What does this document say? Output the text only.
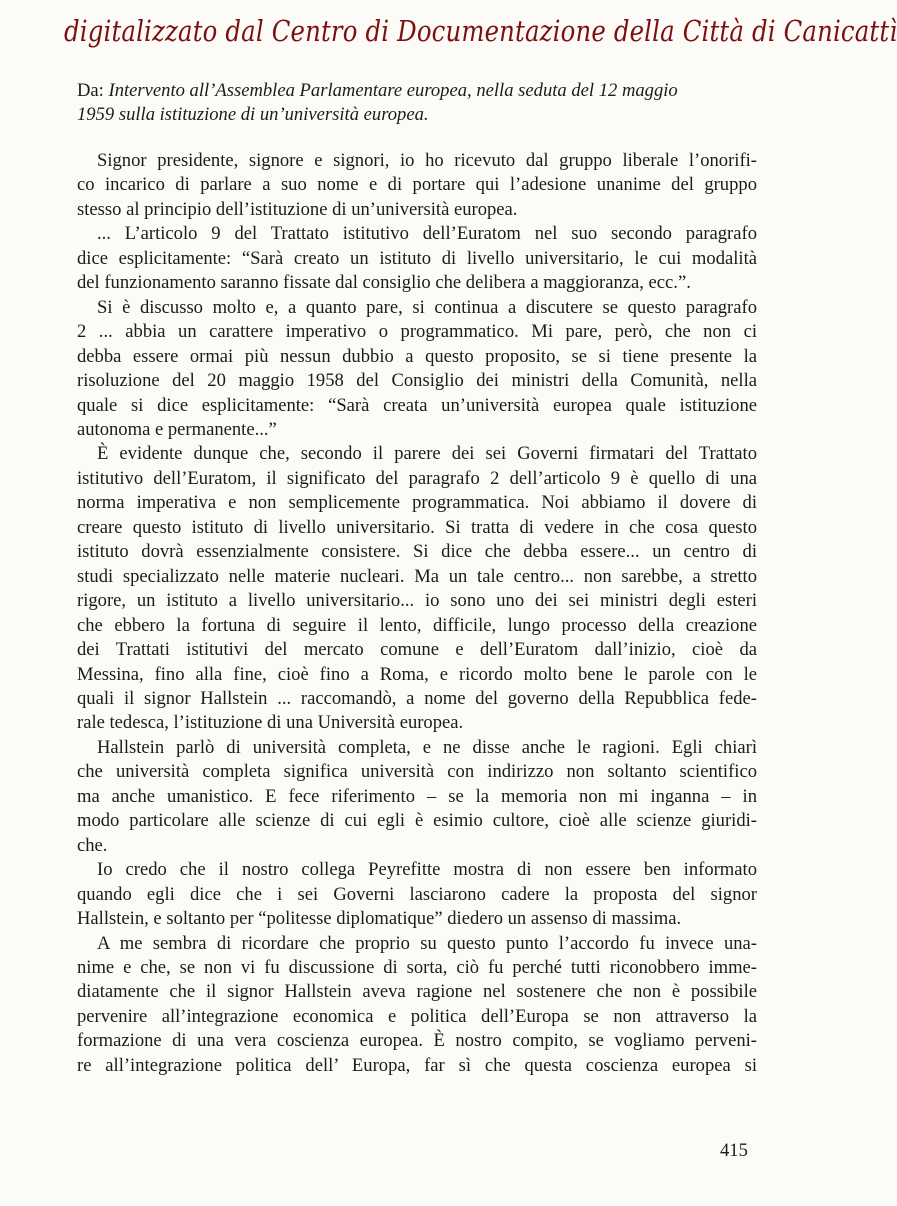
digitalizzato dal Centro di Documentazione della Città di Canicattì
Da: Intervento all’Assemblea Parlamentare europea, nella seduta del 12 maggio
1959 sulla istituzione di un’università europea.

Signor presidente, signore e signori, io ho ricevuto dal gruppo liberale l’onorifi-
co incarico di parlare a suo nome e di portare qui l’adesione unanime del gruppo
stesso al principio dell’istituzione di un’università europea.

... L’articolo 9 del Trattato istitutivo dell’Euratom nel suo secondo paragrafo
dice esplicitamente: “Sarà creato un istituto di livello universitario, le cui modalità
del funzionamento saranno fissate dal consiglio che delibera a maggioranza, ecc.”.

Si è discusso molto e, a quanto pare, si continua a discutere se questo paragrafo
2 ... abbia un carattere imperativo o programmatico. Mi pare, però, che non ci
debba essere ormai più nessun dubbio a questo proposito, se si tiene presente la
risoluzione del 20 maggio 1958 del Consiglio dei ministri della Comunità, nella
quale si dice esplicitamente: “Sarà creata un’università europea quale istituzione
autonoma e permanente...”

È evidente dunque che, secondo il parere dei sei Governi firmatari del Trattato
istitutivo dell’Euratom, il significato del paragrafo 2 dell’articolo 9 è quello di una
norma imperativa e non semplicemente programmatica. Noi abbiamo il dovere di
creare questo istituto di livello universitario. Si tratta di vedere in che cosa questo
istituto dovrà essenzialmente consistere. Si dice che debba essere... un centro di
studi specializzato nelle materie nucleari. Ma un tale centro... non sarebbe, a stretto
rigore, un istituto a livello universitario... io sono uno dei sei ministri degli esteri
che ebbero la fortuna di seguire il lento, difficile, lungo processo della creazione
dei Trattati istitutivi del mercato comune e dell’Euratom dall’inizio, cioè da
Messina, fino alla fine, cioè fino a Roma, e ricordo molto bene le parole con le
quali il signor Hallstein ... raccomandò, a nome del governo della Repubblica fede-
rale tedesca, l’istituzione di una Università europea.

Hallstein parlò di università completa, e ne disse anche le ragioni. Egli chiarì
che università completa significa università con indirizzo non soltanto scientifico
ma anche umanistico. E fece riferimento – se la memoria non mi inganna – in
modo particolare alle scienze di cui egli è esimio cultore, cioè alle scienze giuridi-
che.

Io credo che il nostro collega Peyrefitte mostra di non essere ben informato
quando egli dice che i sei Governi lasciarono cadere la proposta del signor
Hallstein, e soltanto per “politesse diplomatique” diedero un assenso di massima.

A me sembra di ricordare che proprio su questo punto l’accordo fu invece una-
nime e che, se non vi fu discussione di sorta, ciò fu perché tutti riconobbero imme-
diatamente che il signor Hallstein aveva ragione nel sostenere che non è possibile
pervenire all’integrazione economica e politica dell’Europa se non attraverso la
formazione di una vera coscienza europea. È nostro compito, se vogliamo perveni-
re all’integrazione politica dell’ Europa, far sì che questa coscienza europea si

415
